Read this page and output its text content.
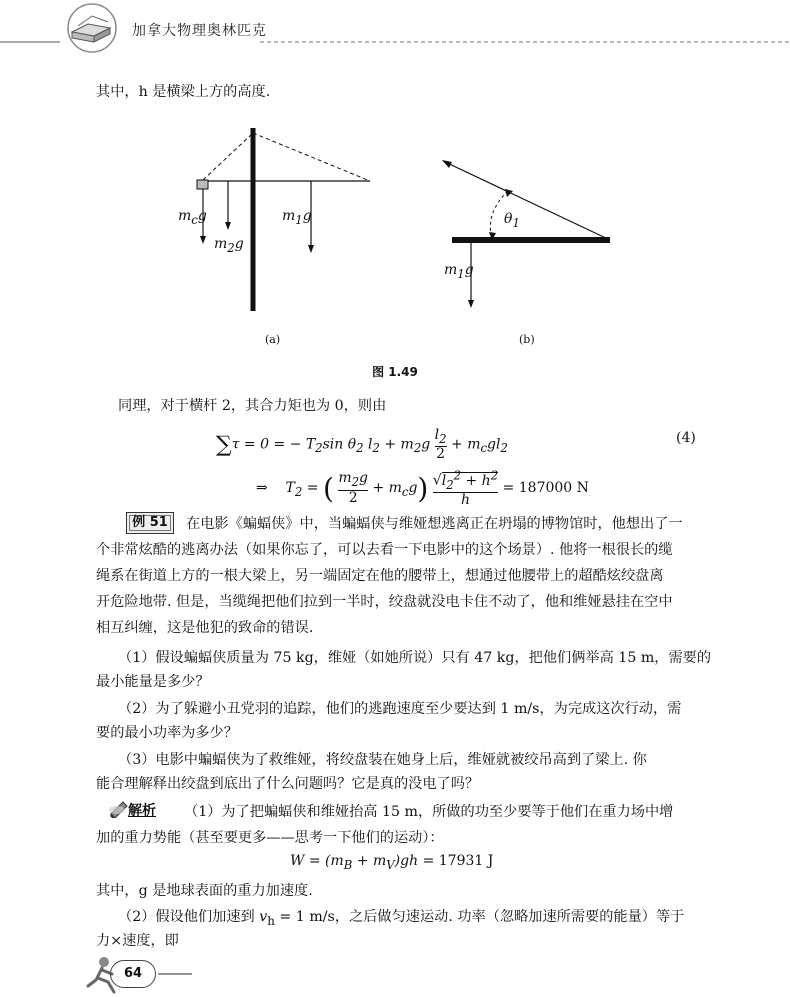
加拿大物理奥林匹克
其中，h 是横梁上方的高度.
$m_cg$
$m_2g$
$m_1g$	$\theta_1$
$m_1g$
(a)	(b)
图 1.49
同理，对于横杆 2，其合力矩也为 0，则由
∑τ = 0 = − $T_2\sin$ $\theta_2$ $l_2 + m_2g \frac{l_2}{2} + m_cgl_2$
(4)
⇒    $T_2$ = ( $\frac{m_2g}{2} + m_cg) \frac{√l_2^2 + h^2}{h} = 187000$ N
例 51	在电影《蝙蝠侠》中，当蝙蝠侠与维娅想逃离正在坍塌的博物馆时，他想出了一
个非常炫酷的逃离办法（如果你忘了，可以去看一下电影中的这个场景）. 他将一根很长的缆
绳系在街道上方的一根大梁上，另一端固定在他的腰带上，想通过他腰带上的超酷炫绞盘离
开危险地带. 但是，当缆绳把他们拉到一半时，绞盘就没电卡住不动了，他和维娅悬挂在空中
相互纠缠，这是他犯的致命的错误.
（1）假设蝙蝠侠质量为 75 kg，维娅（如她所说）只有 47 kg，把他们俩举高 15 m，需要的
最小能量是多少？
（2）为了躲避小丑党羽的追踪，他们的逃跑速度至少要达到 1 m/s，为完成这次行动，需
要的最小功率为多少？
（3）电影中蝙蝠侠为了救维娅，将绞盘装在她身上后，维娅就被绞吊高到了梁上. 你
能合理解释出绞盘到底出了什么问题吗？它是真的没电了吗？
解析 （1）为了把蝙蝠侠和维娅抬高 15 m，所做的功至少要等于他们在重力场中增
加的重力势能（甚至要更多——思考一下他们的运动）：
$W = (m_B + m_V)gh = 17931$ J
其中，g 是地球表面的重力加速度.
（2）假设他们加速到 $v_h = 1$ m/s，之后做匀速运动. 功率（忽略加速所需要的能量）等于
力×速度，即
64
